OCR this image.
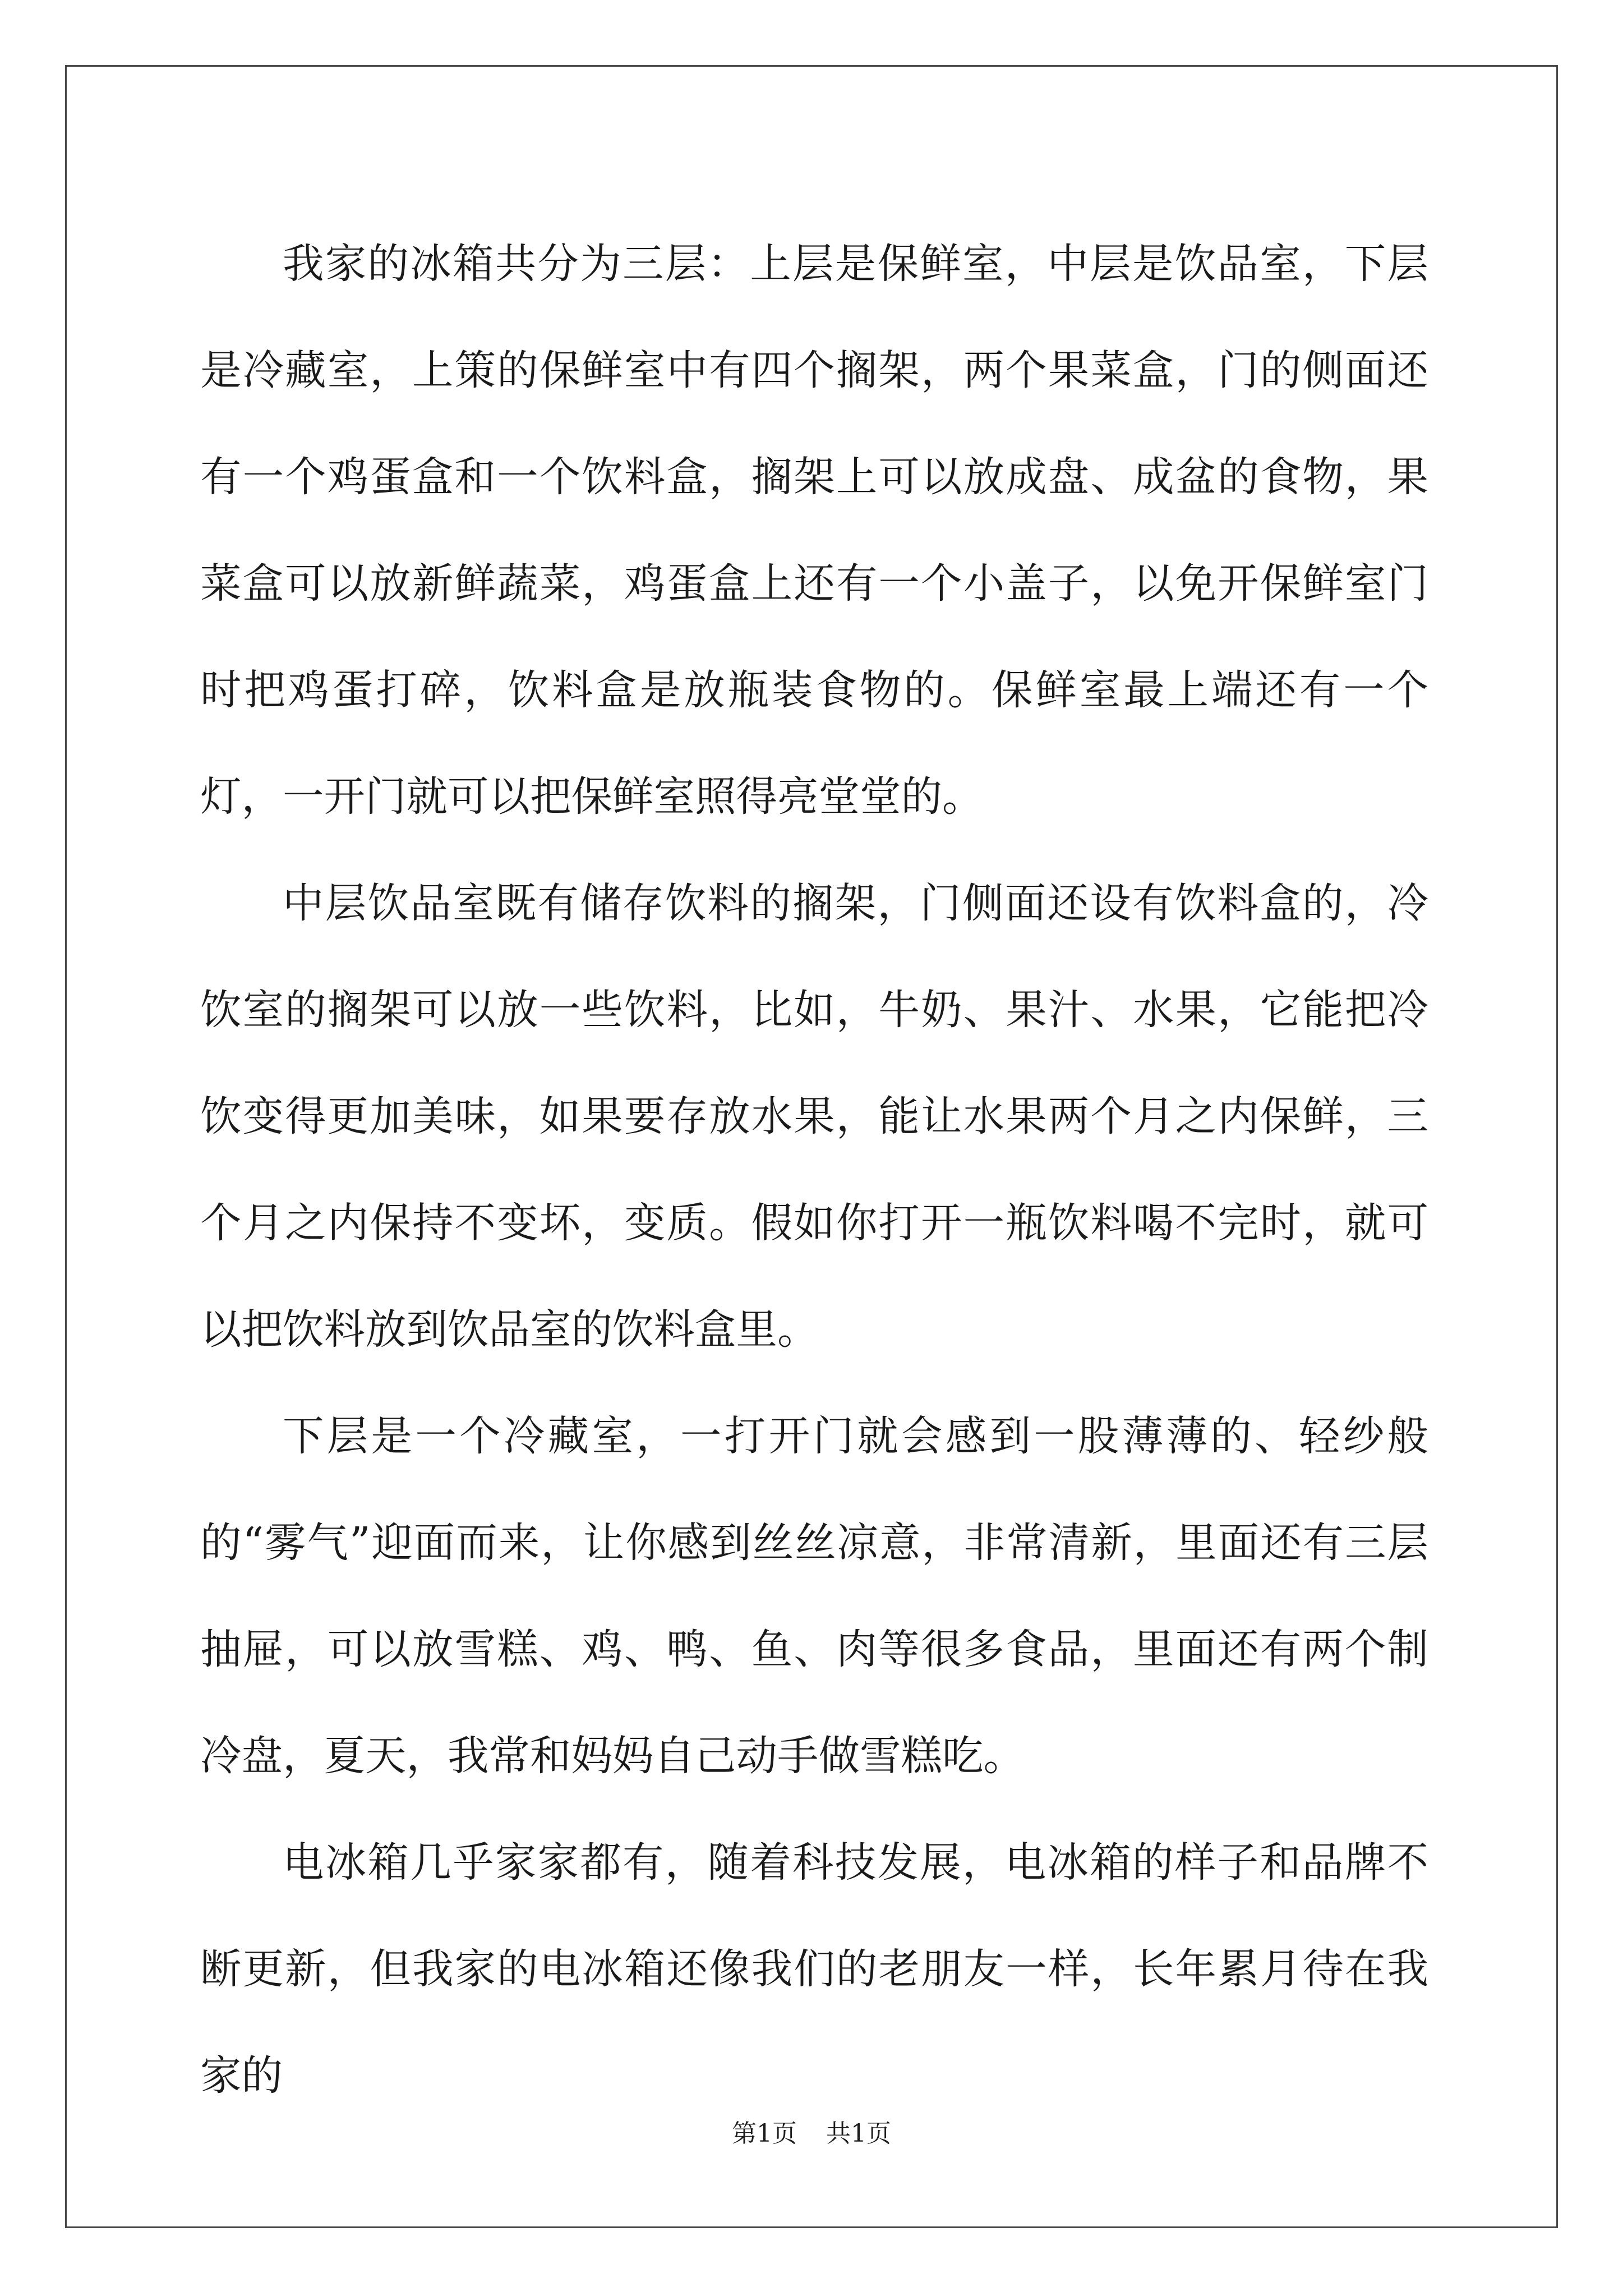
我家的冰箱共分为三层：上层是保鲜室，中层是饮品室，下层是冷藏室，上策的保鲜室中有四个搁架，两个果菜盒，门的侧面还有一个鸡蛋盒和一个饮料盒，搁架上可以放成盘、成盆的食物，果菜盒可以放新鲜蔬菜，鸡蛋盒上还有一个小盖子，以免开保鲜室门时把鸡蛋打碎，饮料盒是放瓶装食物的。保鲜室最上端还有一个灯，一开门就可以把保鲜室照得亮堂堂的。

中层饮品室既有储存饮料的搁架，门侧面还设有饮料盒的，冷饮室的搁架可以放一些饮料，比如，牛奶、果汁、水果，它能把冷饮变得更加美味，如果要存放水果，能让水果两个月之内保鲜，三个月之内保持不变坏，变质。假如你打开一瓶饮料喝不完时，就可以把饮料放到饮品室的饮料盒里。

下层是一个冷藏室，一打开门就会感到一股薄薄的、轻纱般的“雾气”迎面而来，让你感到丝丝凉意，非常清新，里面还有三层抽屉，可以放雪糕、鸡、鸭、鱼、肉等很多食品，里面还有两个制冷盘，夏天，我常和妈妈自己动手做雪糕吃。

电冰箱几乎家家都有，随着科技发展，电冰箱的样子和品牌不断更新，但我家的电冰箱还像我们的老朋友一样，长年累月待在我家的

第1页 共1页
